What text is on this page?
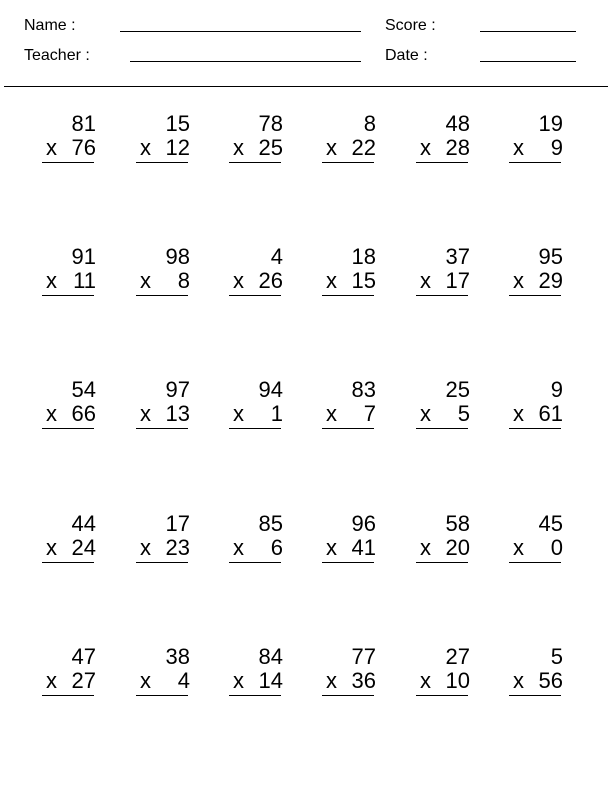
Name :
Teacher :
Score :
Date :
81
x 76
15
x 12
78
x 25
8
x 22
48
x 28
19
x 9
91
x 11
98
x 8
4
x 26
18
x 15
37
x 17
95
x 29
54
x 66
97
x 13
94
x 1
83
x 7
25
x 5
9
x 61
44
x 24
17
x 23
85
x 6
96
x 41
58
x 20
45
x 0
47
x 27
38
x 4
84
x 14
77
x 36
27
x 10
5
x 56
